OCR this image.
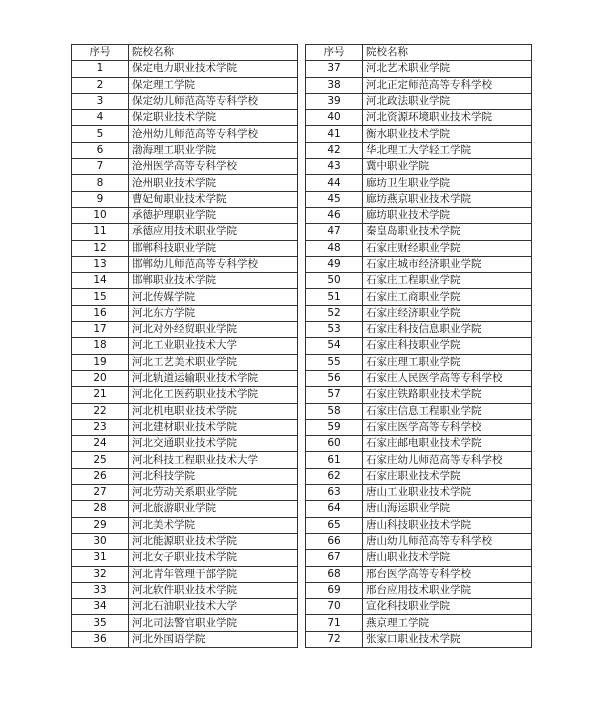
序号	院校名称
1	保定电力职业技术学院
2	保定理工学院
3	保定幼儿师范高等专科学校
4	保定职业技术学院
5	沧州幼儿师范高等专科学校
6	渤海理工职业学院
7	沧州医学高等专科学校
8	沧州职业技术学院
9	曹妃甸职业技术学院
10	承德护理职业学院
11	承德应用技术职业学院
12	邯郸科技职业学院
13	邯郸幼儿师范高等专科学校
14	邯郸职业技术学院
15	河北传媒学院
16	河北东方学院
17	河北对外经贸职业学院
18	河北工业职业技术大学
19	河北工艺美术职业学院
20	河北轨道运输职业技术学院
21	河北化工医药职业技术学院
22	河北机电职业技术学院
23	河北建材职业技术学院
24	河北交通职业技术学院
25	河北科技工程职业技术大学
26	河北科技学院
27	河北劳动关系职业学院
28	河北旅游职业学院
29	河北美术学院
30	河北能源职业技术学院
31	河北女子职业技术学院
32	河北青年管理干部学院
33	河北软件职业技术学院
34	河北石油职业技术大学
35	河北司法警官职业学院
36	河北外国语学院
序号	院校名称
37	河北艺术职业学院
38	河北正定师范高等专科学校
39	河北政法职业学院
40	河北资源环境职业技术学院
41	衡水职业技术学院
42	华北理工大学轻工学院
43	冀中职业学院
44	廊坊卫生职业学院
45	廊坊燕京职业技术学院
46	廊坊职业技术学院
47	秦皇岛职业技术学院
48	石家庄财经职业学院
49	石家庄城市经济职业学院
50	石家庄工程职业学院
51	石家庄工商职业学院
52	石家庄经济职业学院
53	石家庄科技信息职业学院
54	石家庄科技职业学院
55	石家庄理工职业学院
56	石家庄人民医学高等专科学校
57	石家庄铁路职业技术学院
58	石家庄信息工程职业学院
59	石家庄医学高等专科学校
60	石家庄邮电职业技术学院
61	石家庄幼儿师范高等专科学校
62	石家庄职业技术学院
63	唐山工业职业技术学院
64	唐山海运职业学院
65	唐山科技职业技术学院
66	唐山幼儿师范高等专科学校
67	唐山职业技术学院
68	邢台医学高等专科学校
69	邢台应用技术职业学院
70	宣化科技职业学院
71	燕京理工学院
72	张家口职业技术学院
